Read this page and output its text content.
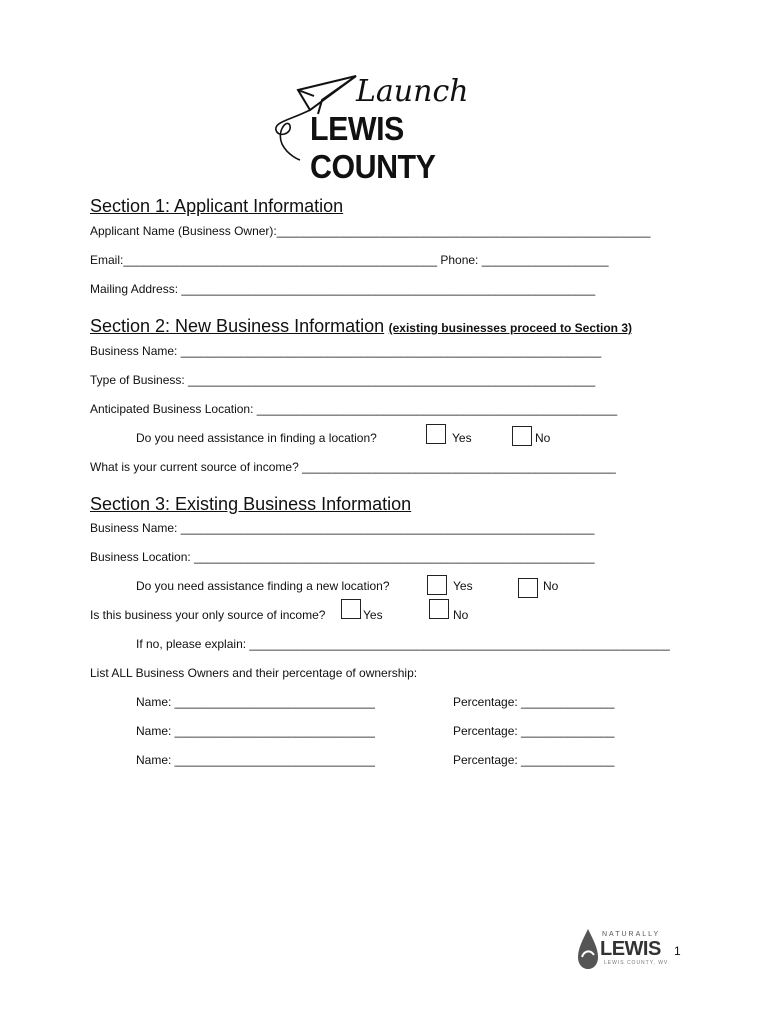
Launch
LEWIS COUNTY
Section 1: Applicant Information
Applicant Name (Business Owner):________________________________________________________
Email:_______________________________________________ Phone: ___________________
Mailing Address: ______________________________________________________________
Section 2: New Business Information (existing businesses proceed to Section 3)
Business Name: _______________________________________________________________
Type of Business: _____________________________________________________________
Anticipated Business Location: ______________________________________________________
Do you need assistance in finding a location?	Yes	No
What is your current source of income? _______________________________________________
Section 3: Existing Business Information
Business Name: ______________________________________________________________
Business Location: ____________________________________________________________
Do you need assistance finding a new location?	Yes	No
Is this business your only source of income?	Yes	No
If no, please explain: _______________________________________________________________
List ALL Business Owners and their percentage of ownership:
Name: ______________________________	Percentage: ______________
Name: ______________________________	Percentage: ______________
Name: ______________________________	Percentage: ______________
NATURALLY
LEWIS
LEWIS COUNTY, WV
1
